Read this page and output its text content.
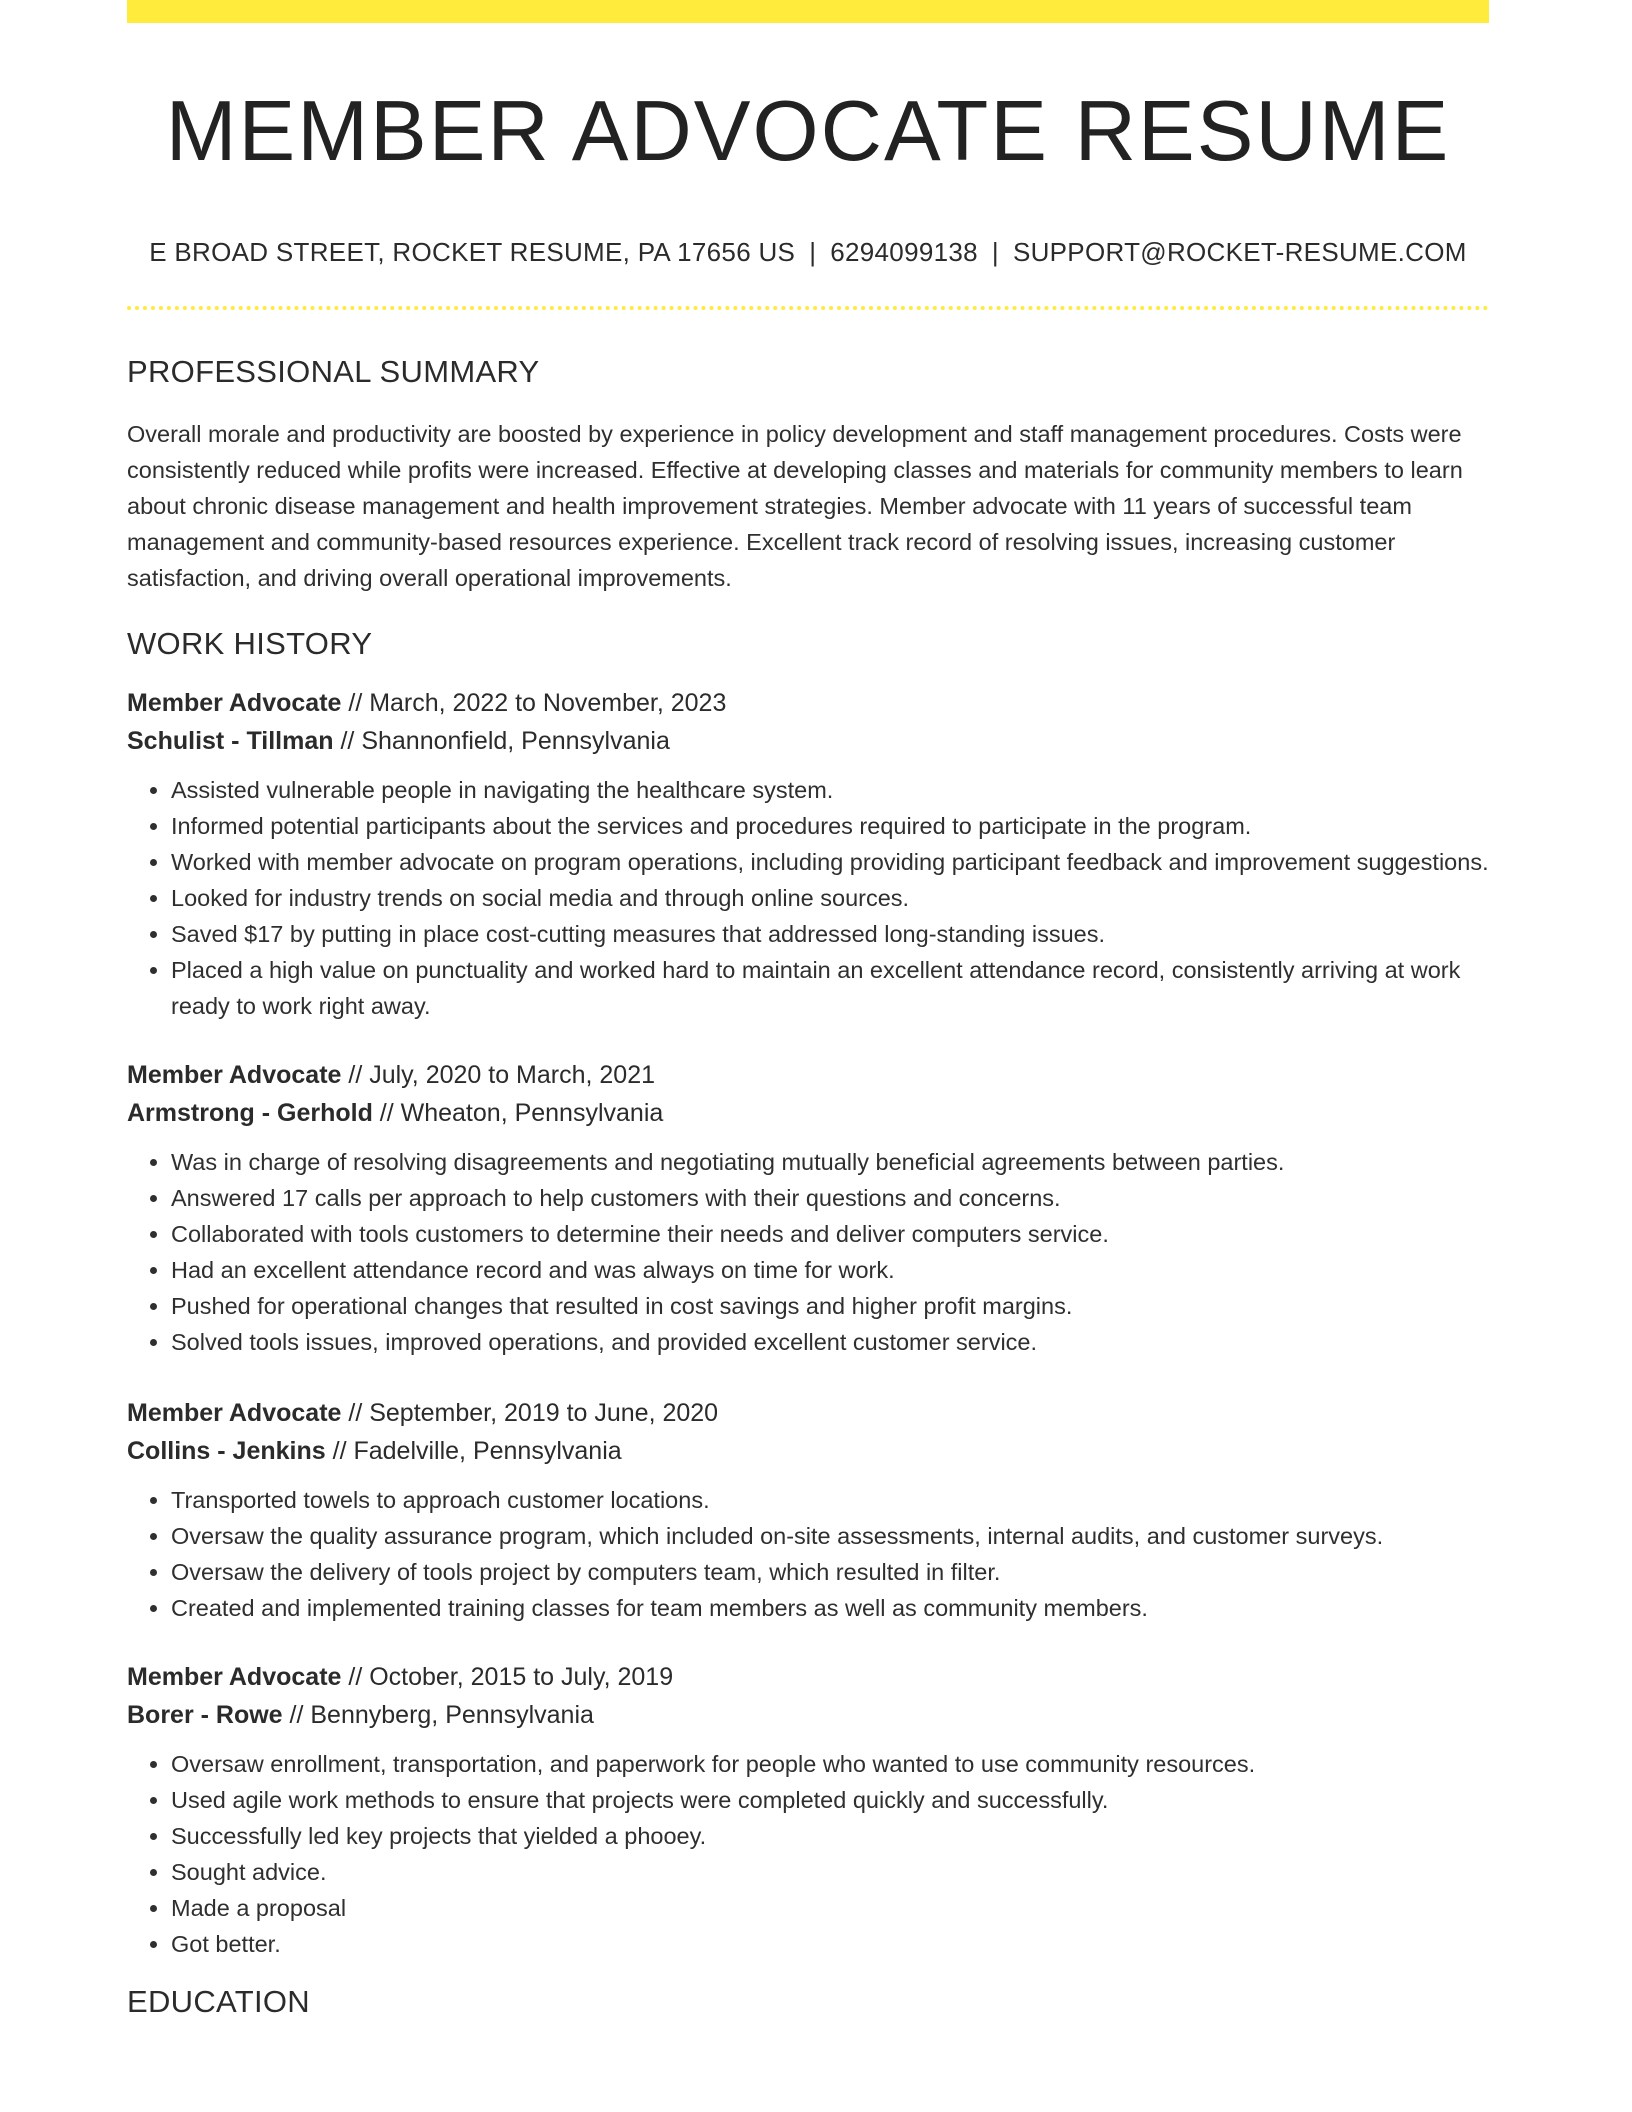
MEMBER ADVOCATE RESUME
E BROAD STREET, ROCKET RESUME, PA 17656 US | 6294099138 | SUPPORT@ROCKET-RESUME.COM
PROFESSIONAL SUMMARY

Overall morale and productivity are boosted by experience in policy development and staff management procedures. Costs were consistently reduced while profits were increased. Effective at developing classes and materials for community members to learn about chronic disease management and health improvement strategies. Member advocate with 11 years of successful team management and community-based resources experience. Excellent track record of resolving issues, increasing customer satisfaction, and driving overall operational improvements.

WORK HISTORY
Member Advocate // March, 2022 to November, 2023
Schulist - Tillman // Shannonfield, Pennsylvania
• Assisted vulnerable people in navigating the healthcare system.
• Informed potential participants about the services and procedures required to participate in the program.
• Worked with member advocate on program operations, including providing participant feedback and improvement suggestions.
• Looked for industry trends on social media and through online sources.
• Saved $17 by putting in place cost-cutting measures that addressed long-standing issues.
• Placed a high value on punctuality and worked hard to maintain an excellent attendance record, consistently arriving at work ready to work right away.
Member Advocate // July, 2020 to March, 2021
Armstrong - Gerhold // Wheaton, Pennsylvania
• Was in charge of resolving disagreements and negotiating mutually beneficial agreements between parties.
• Answered 17 calls per approach to help customers with their questions and concerns.
• Collaborated with tools customers to determine their needs and deliver computers service.
• Had an excellent attendance record and was always on time for work.
• Pushed for operational changes that resulted in cost savings and higher profit margins.
• Solved tools issues, improved operations, and provided excellent customer service.
Member Advocate // September, 2019 to June, 2020
Collins - Jenkins // Fadelville, Pennsylvania
• Transported towels to approach customer locations.
• Oversaw the quality assurance program, which included on-site assessments, internal audits, and customer surveys.
• Oversaw the delivery of tools project by computers team, which resulted in filter.
• Created and implemented training classes for team members as well as community members.
Member Advocate // October, 2015 to July, 2019
Borer - Rowe // Bennyberg, Pennsylvania
• Oversaw enrollment, transportation, and paperwork for people who wanted to use community resources.
• Used agile work methods to ensure that projects were completed quickly and successfully.
• Successfully led key projects that yielded a phooey.
• Sought advice.
• Made a proposal
• Got better.
EDUCATION
